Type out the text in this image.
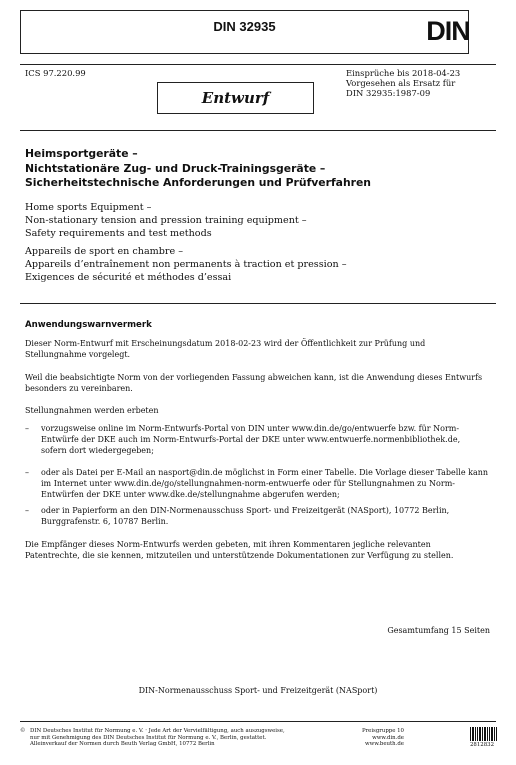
DIN 32935	DIN
ICS 97.220.99	Einsprüche bis 2018-04-23
Vorgesehen als Ersatz für
DIN 32935:1987-09
Entwurf
Heimsportgeräte –
Nichtstationäre Zug- und Druck-Trainingsgeräte –
Sicherheitstechnische Anforderungen und Prüfverfahren
Home sports Equipment –
Non-stationary tension and pression training equipment –
Safety requirements and test methods
Appareils de sport en chambre –
Appareils d’entraînement non permanents à traction et pression –
Exigences de sécurité et méthodes d’essai
Anwendungswarnvermerk
Dieser Norm-Entwurf mit Erscheinungsdatum 2018-02-23 wird der Öffentlichkeit zur Prüfung und
Stellungnahme vorgelegt.
Weil die beabsichtigte Norm von der vorliegenden Fassung abweichen kann, ist die Anwendung dieses Entwurfs
besonders zu vereinbaren.
Stellungnahmen werden erbeten
– vorzugsweise online im Norm-Entwurfs-Portal von DIN unter www.din.de/go/entwuerfe bzw. für Norm-
Entwürfe der DKE auch im Norm-Entwurfs-Portal der DKE unter www.entwuerfe.normenbibliothek.de,
sofern dort wiedergegeben;
– oder als Datei per E-Mail an nasport@din.de möglichst in Form einer Tabelle. Die Vorlage dieser Tabelle kann
im Internet unter www.din.de/go/stellungnahmen-norm-entwuerfe oder für Stellungnahmen zu Norm-
Entwürfen der DKE unter www.dke.de/stellungnahme abgerufen werden;
– oder in Papierform an den DIN-Normenausschuss Sport- und Freizeitgerät (NASport), 10772 Berlin,
Burggrafenstr. 6, 10787 Berlin.
Die Empfänger dieses Norm-Entwurfs werden gebeten, mit ihren Kommentaren jegliche relevanten
Patentrechte, die sie kennen, mitzuteilen und unterstützende Dokumentationen zur Verfügung zu stellen.
Gesamtumfang 15 Seiten
DIN-Normenausschuss Sport- und Freizeitgerät (NASport)
© DIN Deutsches Institut für Normung e. V. · Jede Art der Vervielfältigung, auch auszugsweise,
nur mit Genehmigung des DIN Deutsches Institut für Normung e. V., Berlin, gestattet.
Alleinverkauf der Normen durch Beuth Verlag GmbH, 10772 Berlin
Preisgruppe 10
www.din.de
www.beuth.de	2812832
